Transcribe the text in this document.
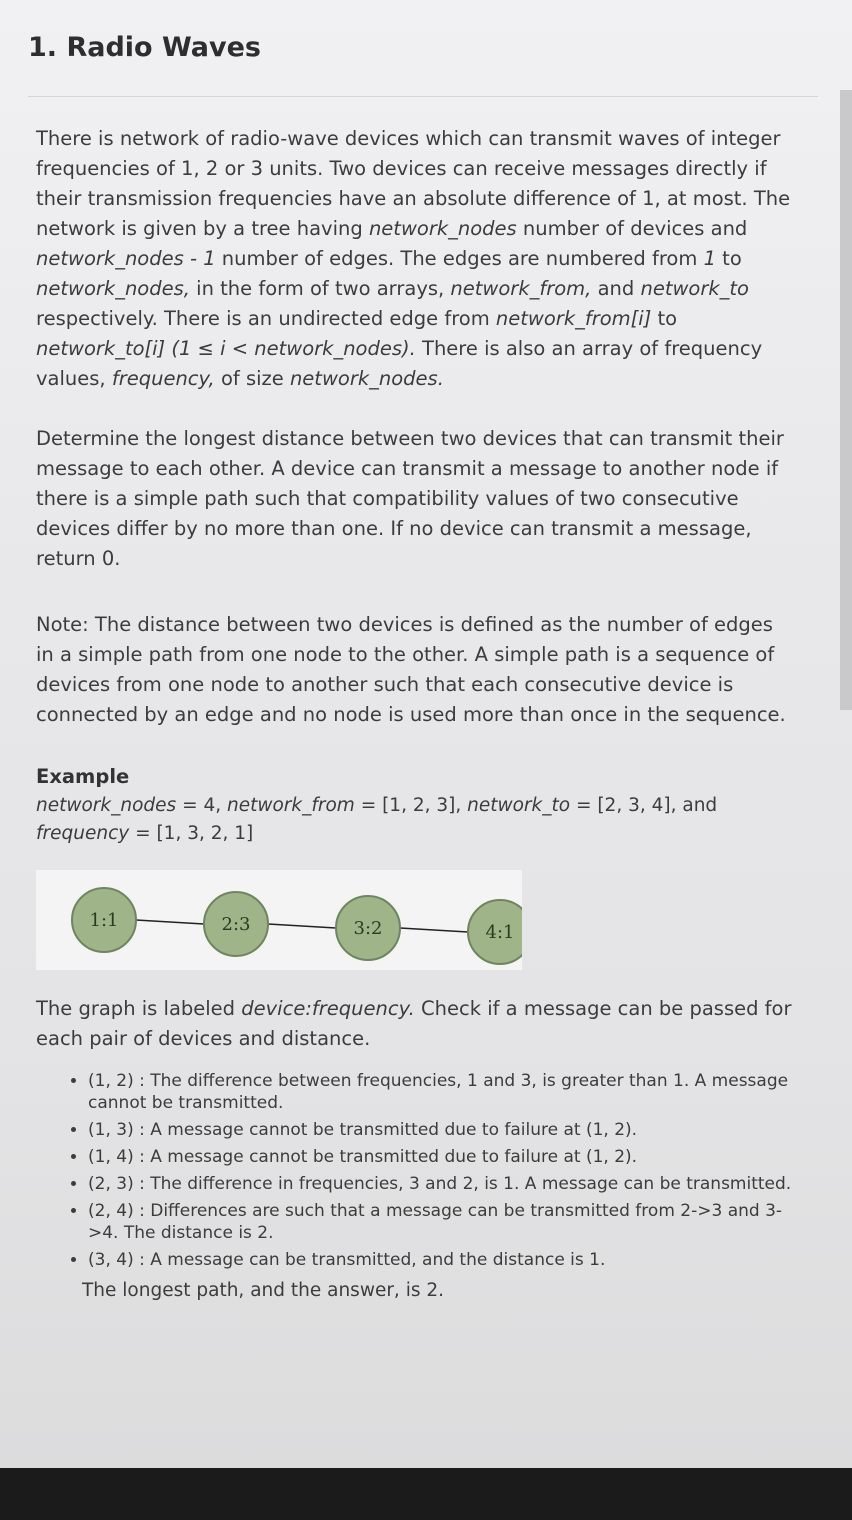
1. Radio Waves

There is network of radio-wave devices which can transmit waves of integer frequencies of 1, 2 or 3 units. Two devices can receive messages directly if their transmission frequencies have an absolute difference of 1, at most. The network is given by a tree having network_nodes number of devices and network_nodes - 1 number of edges. The edges are numbered from 1 to network_nodes, in the form of two arrays, network_from, and network_to respectively. There is an undirected edge from network_from[i] to network_to[i] (1 ≤ i < network_nodes). There is also an array of frequency values, frequency, of size network_nodes.

Determine the longest distance between two devices that can transmit their message to each other. A device can transmit a message to another node if there is a simple path such that compatibility values of two consecutive devices differ by no more than one. If no device can transmit a message, return 0.

Note: The distance between two devices is defined as the number of edges in a simple path from one node to the other. A simple path is a sequence of devices from one node to another such that each consecutive device is connected by an edge and no node is used more than once in the sequence.

Example

network_nodes = 4, network_from = [1, 2, 3], network_to = [2, 3, 4], and frequency = [1, 3, 2, 1]

1:1	2:3	3:2	4:1

The graph is labeled device:frequency. Check if a message can be passed for each pair of devices and distance.

• (1, 2) : The difference between frequencies, 1 and 3, is greater than 1. A message cannot be transmitted.
• (1, 3) : A message cannot be transmitted due to failure at (1, 2).
• (1, 4) : A message cannot be transmitted due to failure at (1, 2).
• (2, 3) : The difference in frequencies, 3 and 2, is 1. A message can be transmitted.
• (2, 4) : Differences are such that a message can be transmitted from 2->3 and 3->4. The distance is 2.
• (3, 4) : A message can be transmitted, and the distance is 1.

The longest path, and the answer, is 2.
